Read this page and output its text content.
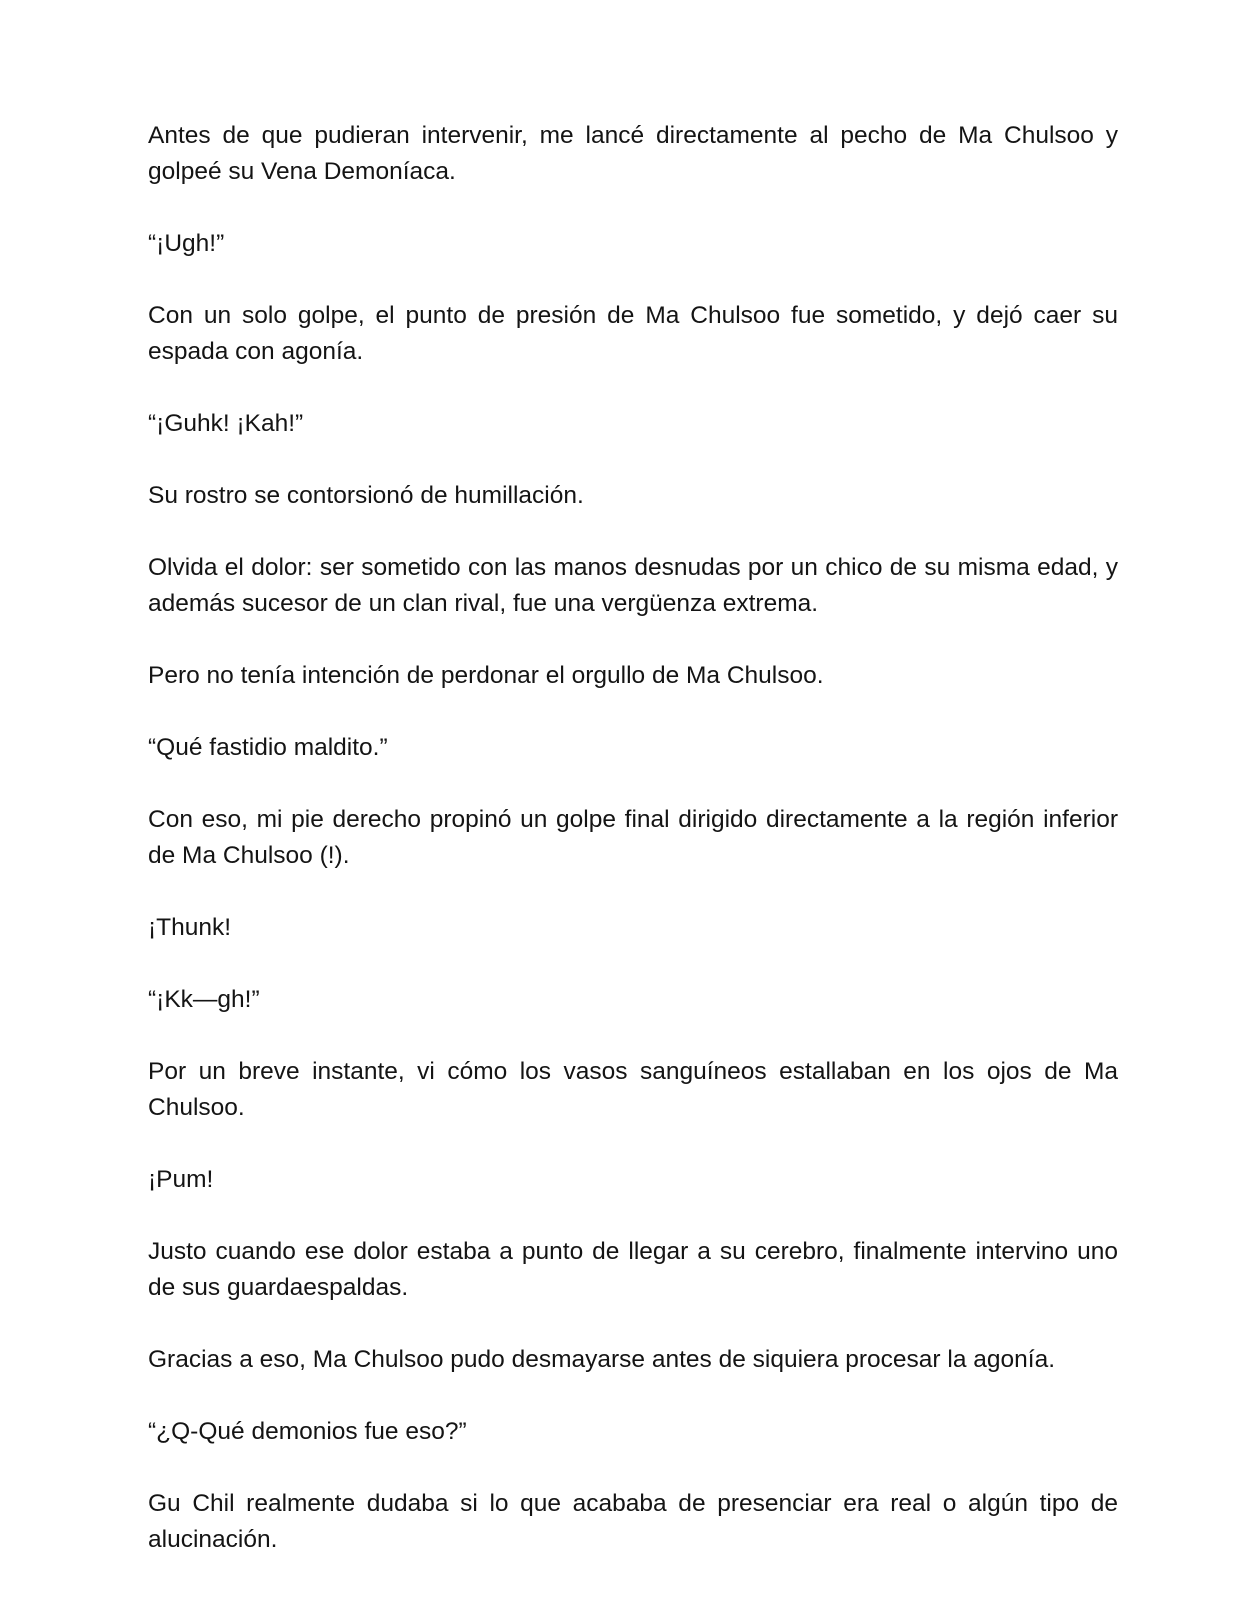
Antes de que pudieran intervenir, me lancé directamente al pecho de Ma Chulsoo y golpeé su Vena Demoníaca.

“¡Ugh!”

Con un solo golpe, el punto de presión de Ma Chulsoo fue sometido, y dejó caer su espada con agonía.

“¡Guhk! ¡Kah!”

Su rostro se contorsionó de humillación.

Olvida el dolor: ser sometido con las manos desnudas por un chico de su misma edad, y además sucesor de un clan rival, fue una vergüenza extrema.

Pero no tenía intención de perdonar el orgullo de Ma Chulsoo.

“Qué fastidio maldito.”

Con eso, mi pie derecho propinó un golpe final dirigido directamente a la región inferior de Ma Chulsoo (!).

¡Thunk!

“¡Kk—gh!”

Por un breve instante, vi cómo los vasos sanguíneos estallaban en los ojos de Ma Chulsoo.

¡Pum!

Justo cuando ese dolor estaba a punto de llegar a su cerebro, finalmente intervino uno de sus guardaespaldas.

Gracias a eso, Ma Chulsoo pudo desmayarse antes de siquiera procesar la agonía.

“¿Q-Qué demonios fue eso?”

Gu Chil realmente dudaba si lo que acababa de presenciar era real o algún tipo de alucinación.
